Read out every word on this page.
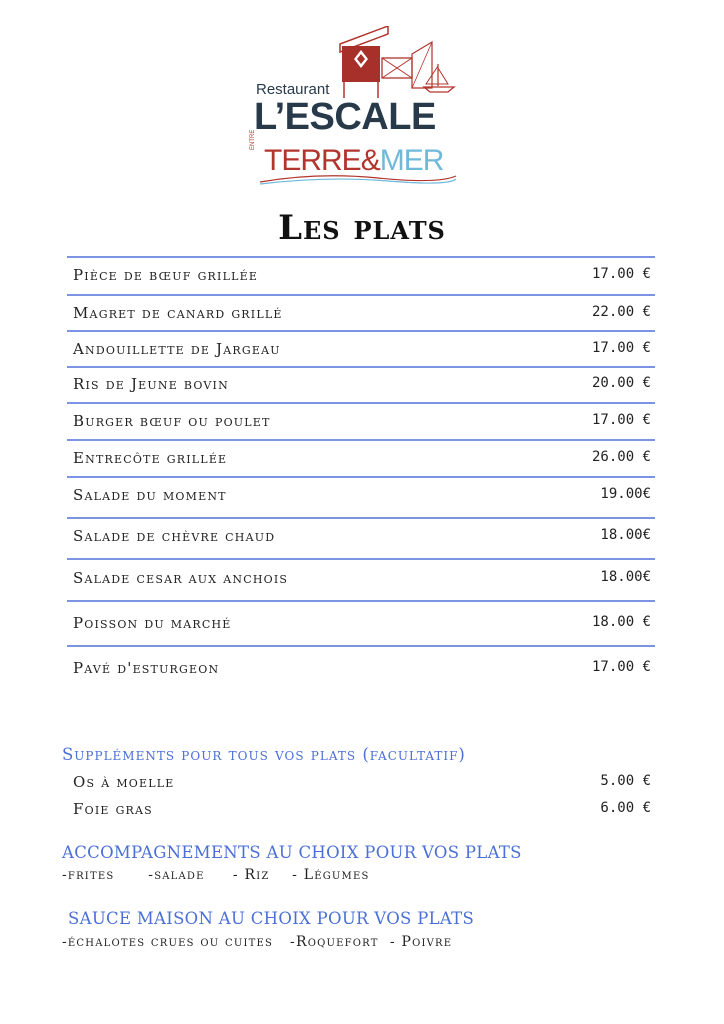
Restaurant
L’ESCALE
ENTRE
TERRE&MER
Les plats
Pièce de bœuf grillée	17.00 €
Magret de canard grillé	22.00 €
Andouillette de Jargeau	17.00 €
Ris de Jeune bovin	20.00 €
Burger bœuf ou poulet	17.00 €
Entrecôte grillée	26.00 €
Salade du moment	19.00€
Salade de chèvre chaud	18.00€
Salade cesar aux anchois	18.00€
Poisson du marché	18.00 €
Pavé d'esturgeon	17.00 €
Suppléments pour tous vos plats (facultatif)
Os à moelle	5.00 €
Foie gras	6.00 €
ACCOMPAGNEMENTS AU CHOIX POUR VOS PLATS
-frites      -salade     - Riz    - Légumes
SAUCE MAISON AU CHOIX POUR VOS PLATS
-échalotes crues ou cuites   -Roquefort  - Poivre
